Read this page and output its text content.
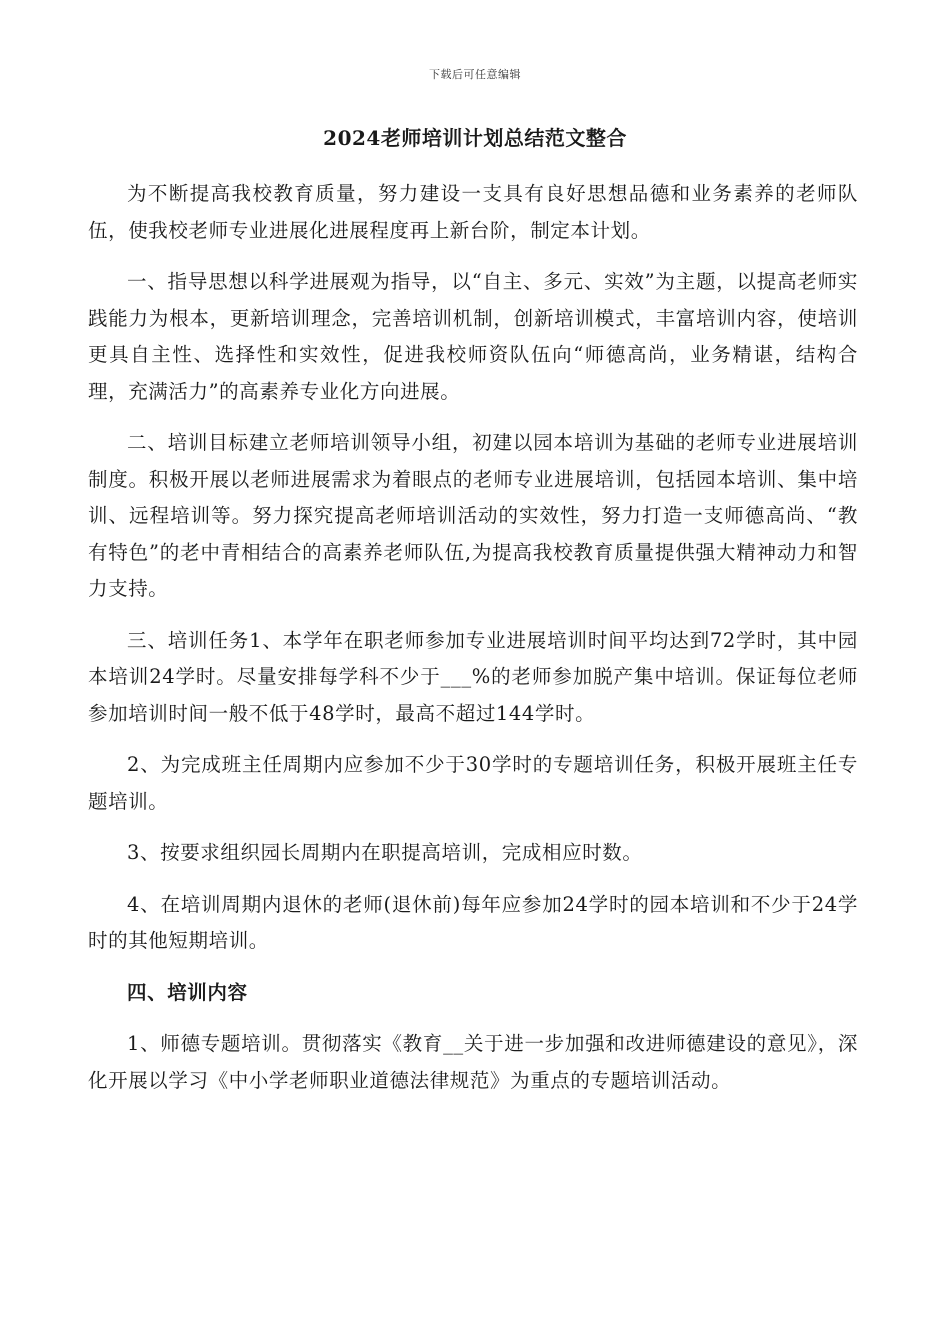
下载后可任意编辑
2024老师培训计划总结范文整合

为不断提高我校教育质量，努力建设一支具有良好思想品德和业务素养的老师队伍，使我校老师专业进展化进展程度再上新台阶，制定本计划。

一、指导思想以科学进展观为指导，以“自主、多元、实效”为主题，以提高老师实践能力为根本，更新培训理念，完善培训机制，创新培训模式，丰富培训内容，使培训更具自主性、选择性和实效性，促进我校师资队伍向“师德高尚，业务精谌，结构合理，充满活力”的高素养专业化方向进展。

二、培训目标建立老师培训领导小组，初建以园本培训为基础的老师专业进展培训制度。积极开展以老师进展需求为着眼点的老师专业进展培训，包括园本培训、集中培训、远程培训等。努力探究提高老师培训活动的实效性，努力打造一支师德高尚、“教有特色”的老中青相结合的高素养老师队伍,为提高我校教育质量提供强大精神动力和智力支持。

三、培训任务1、本学年在职老师参加专业进展培训时间平均达到72学时，其中园本培训24学时。尽量安排每学科不少于___%的老师参加脱产集中培训。保证每位老师参加培训时间一般不低于48学时，最高不超过144学时。

2、为完成班主任周期内应参加不少于30学时的专题培训任务，积极开展班主任专题培训。

3、按要求组织园长周期内在职提高培训，完成相应时数。

4、在培训周期内退休的老师(退休前)每年应参加24学时的园本培训和不少于24学时的其他短期培训。

四、培训内容

1、师德专题培训。贯彻落实《教育__关于进一步加强和改进师德建设的意见》，深化开展以学习《中小学老师职业道德法律规范》为重点的专题培训活动。
